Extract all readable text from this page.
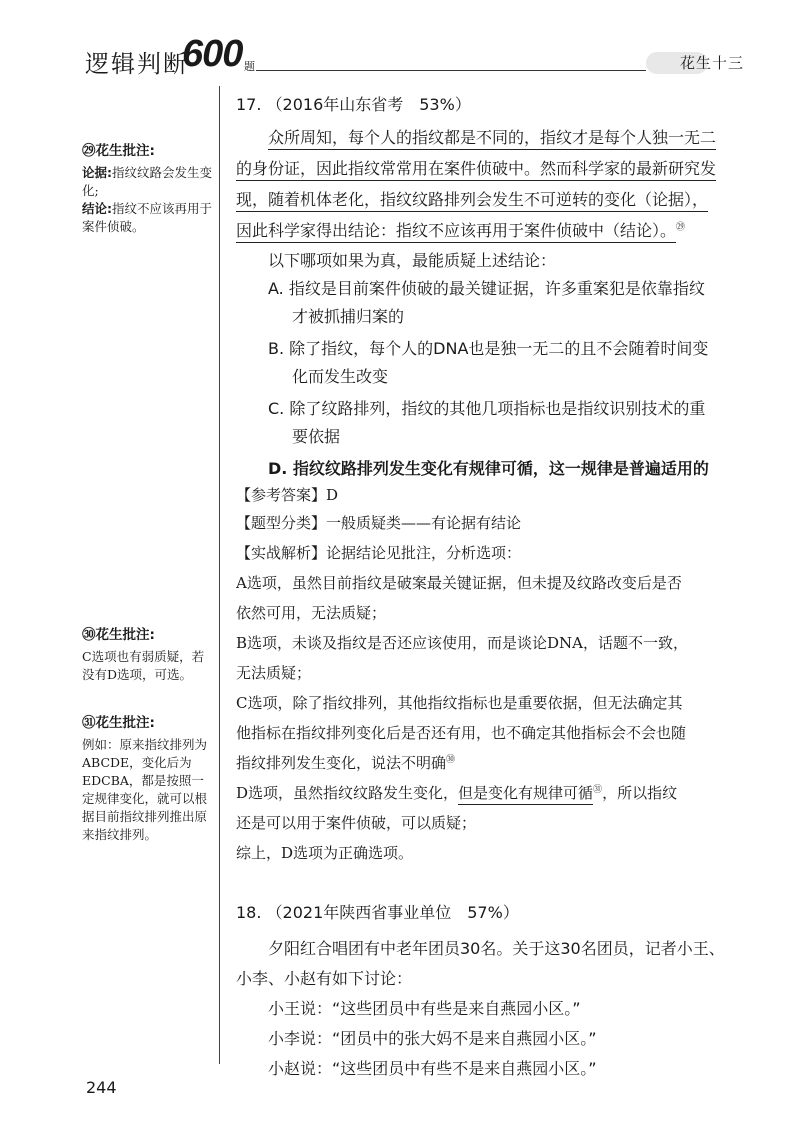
逻辑判断
600 题	花生十三
㉙花生批注:
论据:指纹纹路会发生变化;
结论:指纹不应该再用于案件侦破。
㉚花生批注:
C选项也有弱质疑，若没有D选项，可选。
㉛花生批注:
例如：原来指纹排列为ABCDE，变化后为EDCBA，都是按照一定规律变化，就可以根据目前指纹排列推出原来指纹排列。
17. （2016年山东省考　53%）
众所周知，每个人的指纹都是不同的，指纹才是每个人独一无二
的身份证，因此指纹常常用在案件侦破中。然而科学家的最新研究发
现，随着机体老化，指纹纹路排列会发生不可逆转的变化（论据），
因此科学家得出结论：指纹不应该再用于案件侦破中（结论）。$^㉙$
以下哪项如果为真，最能质疑上述结论：
A. 指纹是目前案件侦破的最关键证据，许多重案犯是依靠指纹
才被抓捕归案的
B. 除了指纹，每个人的DNA也是独一无二的且不会随着时间变
化而发生改变
C. 除了纹路排列，指纹的其他几项指标也是指纹识别技术的重
要依据
D. 指纹纹路排列发生变化有规律可循，这一规律是普遍适用的
【参考答案】D
【题型分类】一般质疑类——有论据有结论
【实战解析】论据结论见批注，分析选项：
A选项，虽然目前指纹是破案最关键证据，但未提及纹路改变后是否
依然可用，无法质疑；
B选项，未谈及指纹是否还应该使用，而是谈论DNA，话题不一致，
无法质疑；
C选项，除了指纹排列，其他指纹指标也是重要依据，但无法确定其
他指标在指纹排列变化后是否还有用，也不确定其他指标会不会也随
指纹排列发生变化，说法不明确$^㉚$
D选项，虽然指纹纹路发生变化，但是变化有规律可循$^㉛$，所以指纹
还是可以用于案件侦破，可以质疑；
综上，D选项为正确选项。
18. （2021年陕西省事业单位　57%）
夕阳红合唱团有中老年团员30名。关于这30名团员，记者小王、
小李、小赵有如下讨论：
小王说：“这些团员中有些是来自燕园小区。”
小李说：“团员中的张大妈不是来自燕园小区。”
小赵说：“这些团员中有些不是来自燕园小区。”
244
